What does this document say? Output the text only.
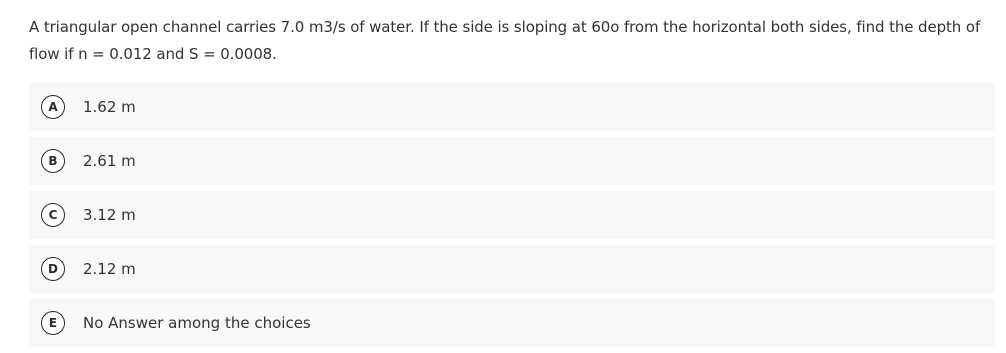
A triangular open channel carries 7.0 m3/s of water. If the side is sloping at 60o from the horizontal both sides, find the depth of flow if n = 0.012 and S = 0.0008.
A	1.62 m
B	2.61 m
C	3.12 m
D	2.12 m
E	No Answer among the choices
